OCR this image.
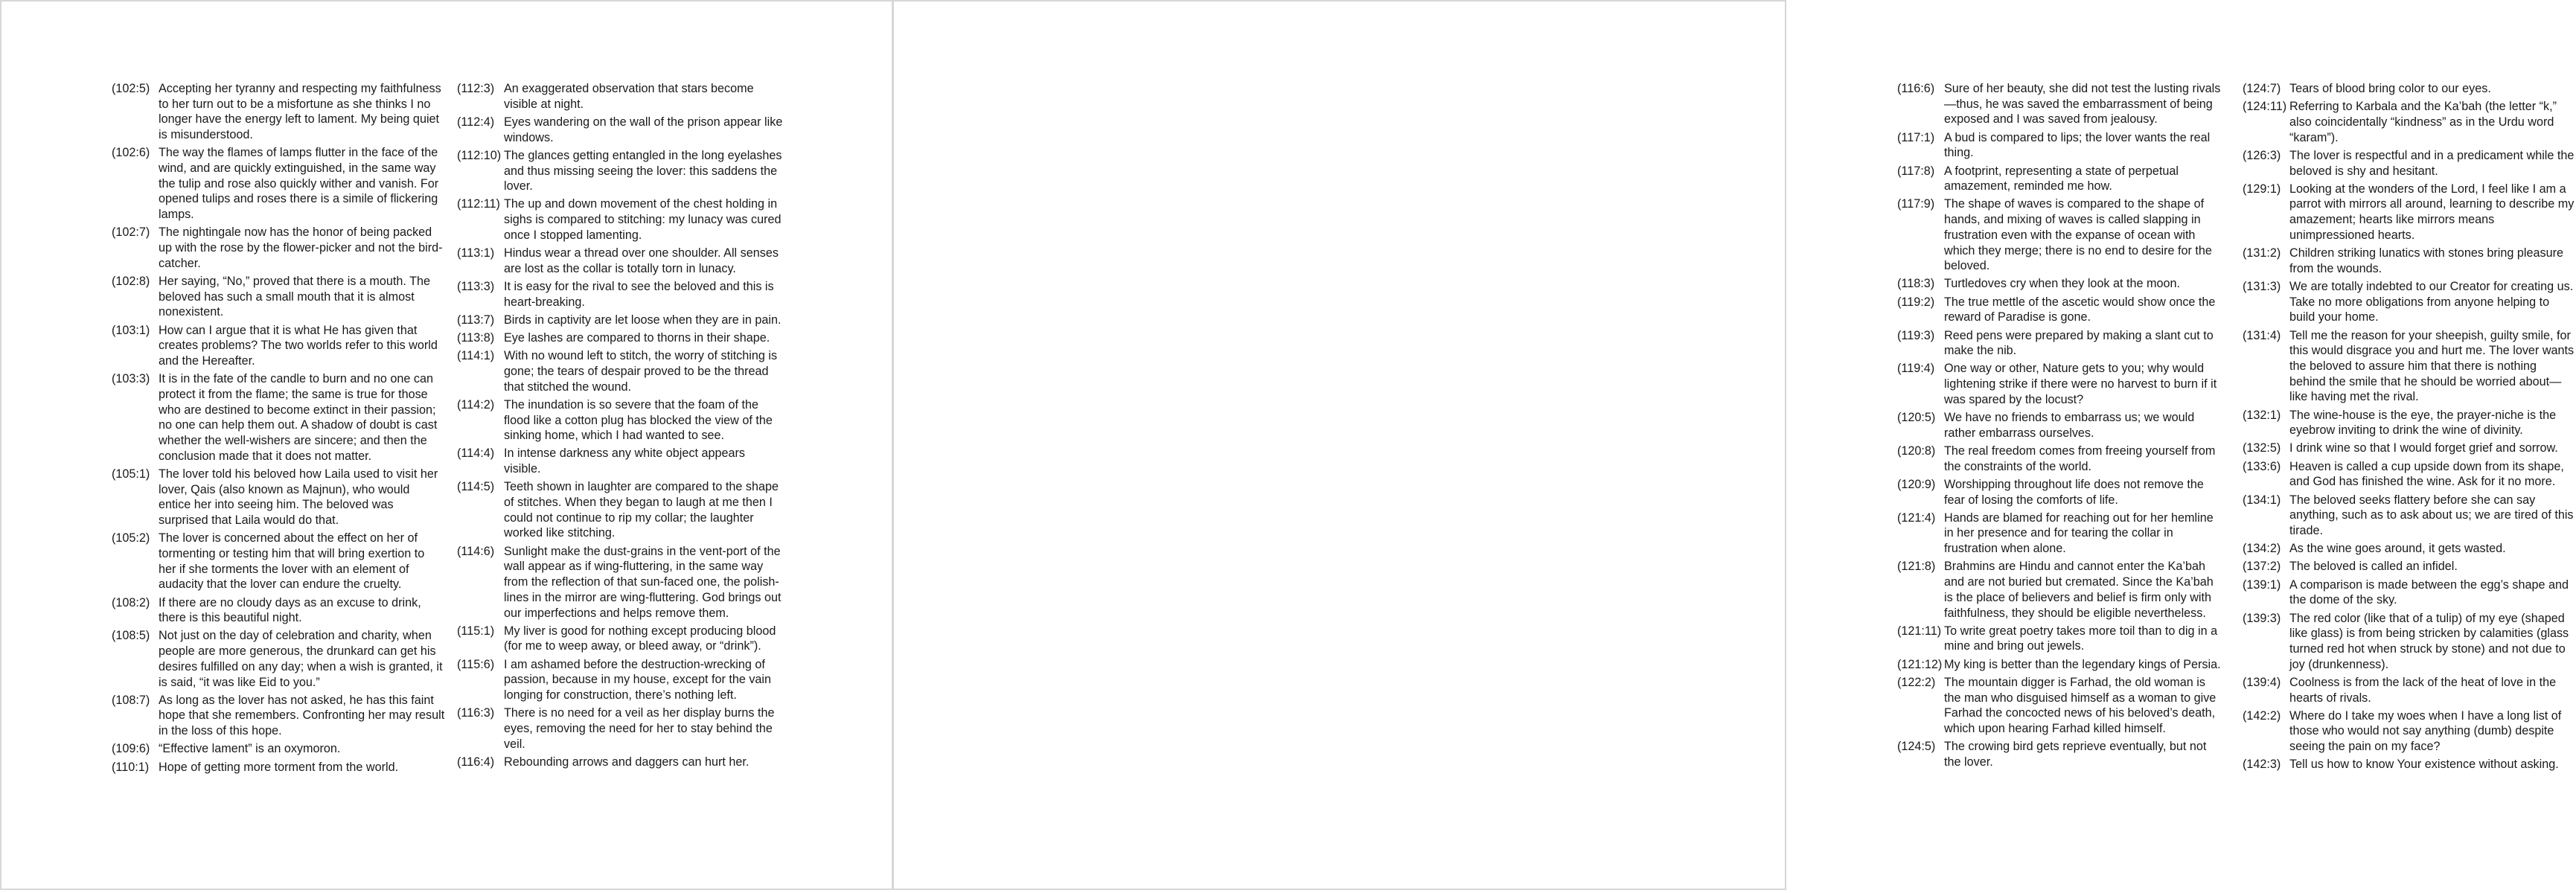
(102:5) Accepting her tyranny and respecting my faithfulness to her turn out to be a misfortune as she thinks I no longer have the energy left to lament. My being quiet is misunderstood.
(102:6) The way the flames of lamps flutter in the face of the wind, and are quickly extinguished, in the same way the tulip and rose also quickly wither and vanish. For opened tulips and roses there is a simile of flickering lamps.
(102:7) The nightingale now has the honor of being packed up with the rose by the flower-picker and not the bird-catcher.
(102:8) Her saying, “No,” proved that there is a mouth. The beloved has such a small mouth that it is almost nonexistent.
(103:1) How can I argue that it is what He has given that creates problems? The two worlds refer to this world and the Hereafter.
(103:3) It is in the fate of the candle to burn and no one can protect it from the flame; the same is true for those who are destined to become extinct in their passion; no one can help them out. A shadow of doubt is cast whether the well-wishers are sincere; and then the conclusion made that it does not matter.
(105:1) The lover told his beloved how Laila used to visit her lover, Qais (also known as Majnun), who would entice her into seeing him. The beloved was surprised that Laila would do that.
(105:2) The lover is concerned about the effect on her of tormenting or testing him that will bring exertion to her if she torments the lover with an element of audacity that the lover can endure the cruelty.
(108:2) If there are no cloudy days as an excuse to drink, there is this beautiful night.
(108:5) Not just on the day of celebration and charity, when people are more generous, the drunkard can get his desires fulfilled on any day; when a wish is granted, it is said, “it was like Eid to you.”
(108:7) As long as the lover has not asked, he has this faint hope that she remembers. Confronting her may result in the loss of this hope.
(109:6) “Effective lament” is an oxymoron.
(110:1) Hope of getting more torment from the world.
(112:3) An exaggerated observation that stars become visible at night.
(112:4) Eyes wandering on the wall of the prison appear like windows.
(112:10) The glances getting entangled in the long eyelashes and thus missing seeing the lover: this saddens the lover.
(112:11) The up and down movement of the chest holding in sighs is compared to stitching: my lunacy was cured once I stopped lamenting.
(113:1) Hindus wear a thread over one shoulder. All senses are lost as the collar is totally torn in lunacy.
(113:3) It is easy for the rival to see the beloved and this is heart-breaking.
(113:7) Birds in captivity are let loose when they are in pain.
(113:8) Eye lashes are compared to thorns in their shape.
(114:1) With no wound left to stitch, the worry of stitching is gone; the tears of despair proved to be the thread that stitched the wound.
(114:2) The inundation is so severe that the foam of the flood like a cotton plug has blocked the view of the sinking home, which I had wanted to see.
(114:4) In intense darkness any white object appears visible.
(114:5) Teeth shown in laughter are compared to the shape of stitches. When they began to laugh at me then I could not continue to rip my collar; the laughter worked like stitching.
(114:6) Sunlight make the dust-grains in the vent-port of the wall appear as if wing-fluttering, in the same way from the reflection of that sun-faced one, the polish-lines in the mirror are wing-fluttering. God brings out our imperfections and helps remove them.
(115:1) My liver is good for nothing except producing blood (for me to weep away, or bleed away, or “drink”).
(115:6) I am ashamed before the destruction-wrecking of passion, because in my house, except for the vain longing for construction, there’s nothing left.
(116:3) There is no need for a veil as her display burns the eyes, removing the need for her to stay behind the veil.
(116:4) Rebounding arrows and daggers can hurt her.
(116:6) Sure of her beauty, she did not test the lusting rivals—thus, he was saved the embarrassment of being exposed and I was saved from jealousy.
(117:1) A bud is compared to lips; the lover wants the real thing.
(117:8) A footprint, representing a state of perpetual amazement, reminded me how.
(117:9) The shape of waves is compared to the shape of hands, and mixing of waves is called slapping in frustration even with the expanse of ocean with which they merge; there is no end to desire for the beloved.
(118:3) Turtledoves cry when they look at the moon.
(119:2) The true mettle of the ascetic would show once the reward of Paradise is gone.
(119:3) Reed pens were prepared by making a slant cut to make the nib.
(119:4) One way or other, Nature gets to you; why would lightening strike if there were no harvest to burn if it was spared by the locust?
(120:5) We have no friends to embarrass us; we would rather embarrass ourselves.
(120:8) The real freedom comes from freeing yourself from the constraints of the world.
(120:9) Worshipping throughout life does not remove the fear of losing the comforts of life.
(121:4) Hands are blamed for reaching out for her hemline in her presence and for tearing the collar in frustration when alone.
(121:8) Brahmins are Hindu and cannot enter the Ka’bah and are not buried but cremated. Since the Ka’bah is the place of believers and belief is firm only with faithfulness, they should be eligible nevertheless.
(121:11) To write great poetry takes more toil than to dig in a mine and bring out jewels.
(121:12) My king is better than the legendary kings of Persia.
(122:2) The mountain digger is Farhad, the old woman is the man who disguised himself as a woman to give Farhad the concocted news of his beloved’s death, which upon hearing Farhad killed himself.
(124:5) The crowing bird gets reprieve eventually, but not the lover.
(124:7) Tears of blood bring color to our eyes.
(124:11) Referring to Karbala and the Ka’bah (the letter “k,” also coincidentally “kindness” as in the Urdu word “karam”).
(126:3) The lover is respectful and in a predicament while the beloved is shy and hesitant.
(129:1) Looking at the wonders of the Lord, I feel like I am a parrot with mirrors all around, learning to describe my amazement; hearts like mirrors means unimpressioned hearts.
(131:2) Children striking lunatics with stones bring pleasure from the wounds.
(131:3) We are totally indebted to our Creator for creating us. Take no more obligations from anyone helping to build your home.
(131:4) Tell me the reason for your sheepish, guilty smile, for this would disgrace you and hurt me. The lover wants the beloved to assure him that there is nothing behind the smile that he should be worried about—like having met the rival.
(132:1) The wine-house is the eye, the prayer-niche is the eyebrow inviting to drink the wine of divinity.
(132:5) I drink wine so that I would forget grief and sorrow.
(133:6) Heaven is called a cup upside down from its shape, and God has finished the wine. Ask for it no more.
(134:1) The beloved seeks flattery before she can say anything, such as to ask about us; we are tired of this tirade.
(134:2) As the wine goes around, it gets wasted.
(137:2) The beloved is called an infidel.
(139:1) A comparison is made between the egg’s shape and the dome of the sky.
(139:3) The red color (like that of a tulip) of my eye (shaped like glass) is from being stricken by calamities (glass turned red hot when struck by stone) and not due to joy (drunkenness).
(139:4) Coolness is from the lack of the heat of love in the hearts of rivals.
(142:2) Where do I take my woes when I have a long list of those who would not say anything (dumb) despite seeing the pain on my face?
(142:3) Tell us how to know Your existence without asking.
